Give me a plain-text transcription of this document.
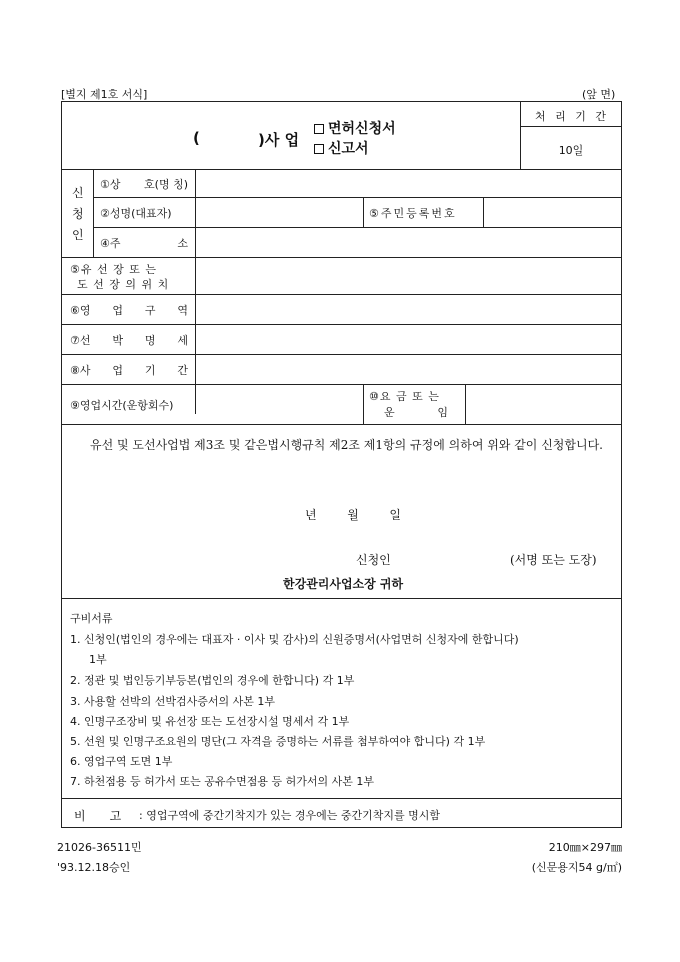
[별지 제1호 서식]	(앞 면)
(	)사 업
면허신청서
신고서
처 리 기 간
10일
신
청
인
①상 호(명 칭)
②성명(대표자)	⑤주민등록번호
④주	소
⑤유 선 장 또 는
도 선 장 의 위 치
⑥영 업 구 역
⑦선 박 명 세
⑧사 업 기 간
⑨영업시간(운항회수)
⑩요 금 또 는
운	임
유선 및 도선사업법 제3조 및 같은법시행규칙 제2조 제1항의 규정에 의하여 위와 같이 신청합니다.
년	월	일
신청인	(서명 또는 도장)
한강관리사업소장 귀하
구비서류
1. 신청인(법인의 경우에는 대표자 · 이사 및 감사)의 신원증명서(사업면허 신청자에 한합니다)
1부
2. 정관 및 법인등기부등본(법인의 경우에 한합니다) 각 1부
3. 사용할 선박의 선박검사증서의 사본 1부
4. 인명구조장비 및 유선장 또는 도선장시설 명세서 각 1부
5. 선원 및 인명구조요원의 명단(그 자격을 증명하는 서류를 첨부하여야 합니다) 각 1부
6. 영업구역 도면 1부
7. 하천점용 등 허가서 또는 공유수면점용 등 허가서의 사본 1부
비　　고 : 영업구역에 중간기착지가 있는 경우에는 중간기착지를 명시함
21026-36511민
'93.12.18승인
210㎜×297㎜
(신문용지54 g/㎡)
